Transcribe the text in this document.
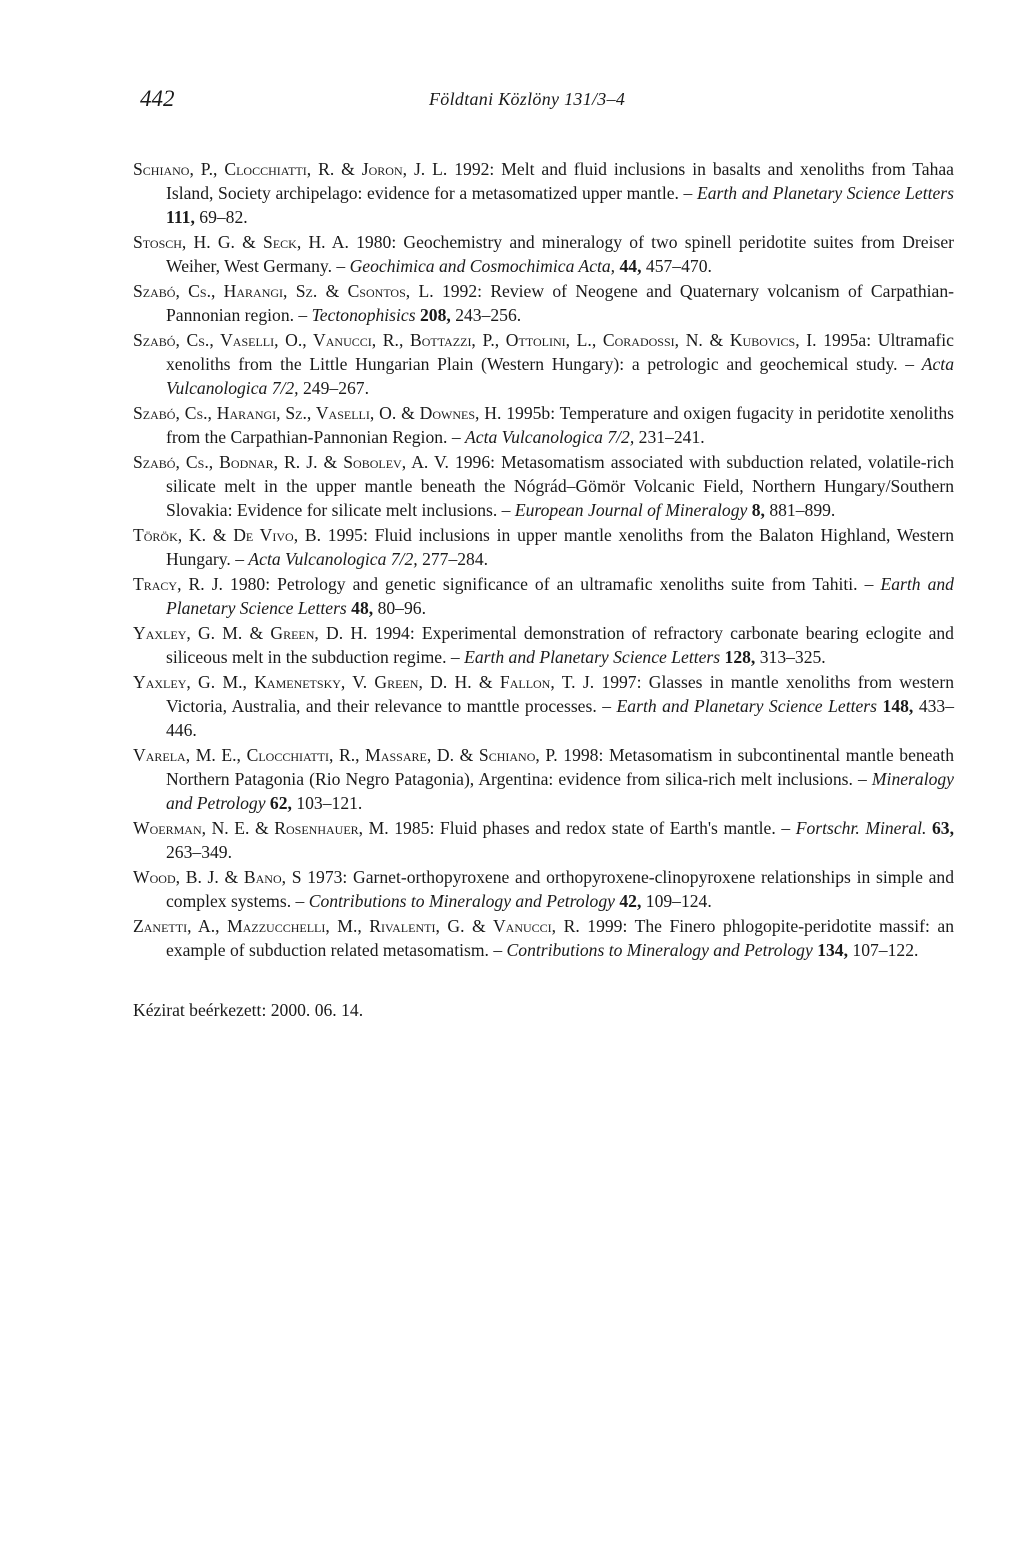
442	Földtani Közlöny 131/3–4
Schiano, P., Clocchiatti, R. & Joron, J. L. 1992: Melt and fluid inclusions in basalts and xenoliths from Tahaa Island, Society archipelago: evidence for a metasomatized upper mantle. – Earth and Planetary Science Letters 111, 69–82.
Stosch, H. G. & Seck, H. A. 1980: Geochemistry and mineralogy of two spinell peridotite suites from Dreiser Weiher, West Germany. – Geochimica and Cosmochimica Acta, 44, 457–470.
Szabó, Cs., Harangi, Sz. & Csontos, L. 1992: Review of Neogene and Quaternary volcanism of Carpathian-Pannonian region. – Tectonophisics 208, 243–256.
Szabó, Cs., Vaselli, O., Vanucci, R., Bottazzi, P., Ottolini, L., Coradossi, N. & Kubovics, I. 1995a: Ultramafic xenoliths from the Little Hungarian Plain (Western Hungary): a petrologic and geochemical study. – Acta Vulcanologica 7/2, 249–267.
Szabó, Cs., Harangi, Sz., Vaselli, O. & Downes, H. 1995b: Temperature and oxigen fugacity in peridotite xenoliths from the Carpathian-Pannonian Region. – Acta Vulcanologica 7/2, 231–241.
Szabó, Cs., Bodnar, R. J. & Sobolev, A. V. 1996: Metasomatism associated with subduction related, volatile-rich silicate melt in the upper mantle beneath the Nógrád–Gömör Volcanic Field, Northern Hungary/Southern Slovakia: Evidence for silicate melt inclusions. – European Journal of Mineralogy 8, 881–899.
Török, K. & De Vivo, B. 1995: Fluid inclusions in upper mantle xenoliths from the Balaton Highland, Western Hungary. – Acta Vulcanologica 7/2, 277–284.
Tracy, R. J. 1980: Petrology and genetic significance of an ultramafic xenoliths suite from Tahiti. – Earth and Planetary Science Letters 48, 80–96.
Yaxley, G. M. & Green, D. H. 1994: Experimental demonstration of refractory carbonate bearing eclogite and siliceous melt in the subduction regime. – Earth and Planetary Science Letters 128, 313–325.
Yaxley, G. M., Kamenetsky, V. Green, D. H. & Fallon, T. J. 1997: Glasses in mantle xenoliths from western Victoria, Australia, and their relevance to manttle processes. – Earth and Planetary Science Letters 148, 433–446.
Varela, M. E., Clocchiatti, R., Massare, D. & Schiano, P. 1998: Metasomatism in subcontinental mantle beneath Northern Patagonia (Rio Negro Patagonia), Argentina: evidence from silica-rich melt inclusions. – Mineralogy and Petrology 62, 103–121.
Woerman, N. E. & Rosenhauer, M. 1985: Fluid phases and redox state of Earth's mantle. – Fortschr. Mineral. 63, 263–349.
Wood, B. J. & Bano, S 1973: Garnet-orthopyroxene and orthopyroxene-clinopyroxene relationships in simple and complex systems. – Contributions to Mineralogy and Petrology 42, 109–124.
Zanetti, A., Mazzucchelli, M., Rivalenti, G. & Vanucci, R. 1999: The Finero phlogopite-peridotite massif: an example of subduction related metasomatism. – Contributions to Mineralogy and Petrology 134, 107–122.
Kézirat beérkezett: 2000. 06. 14.
